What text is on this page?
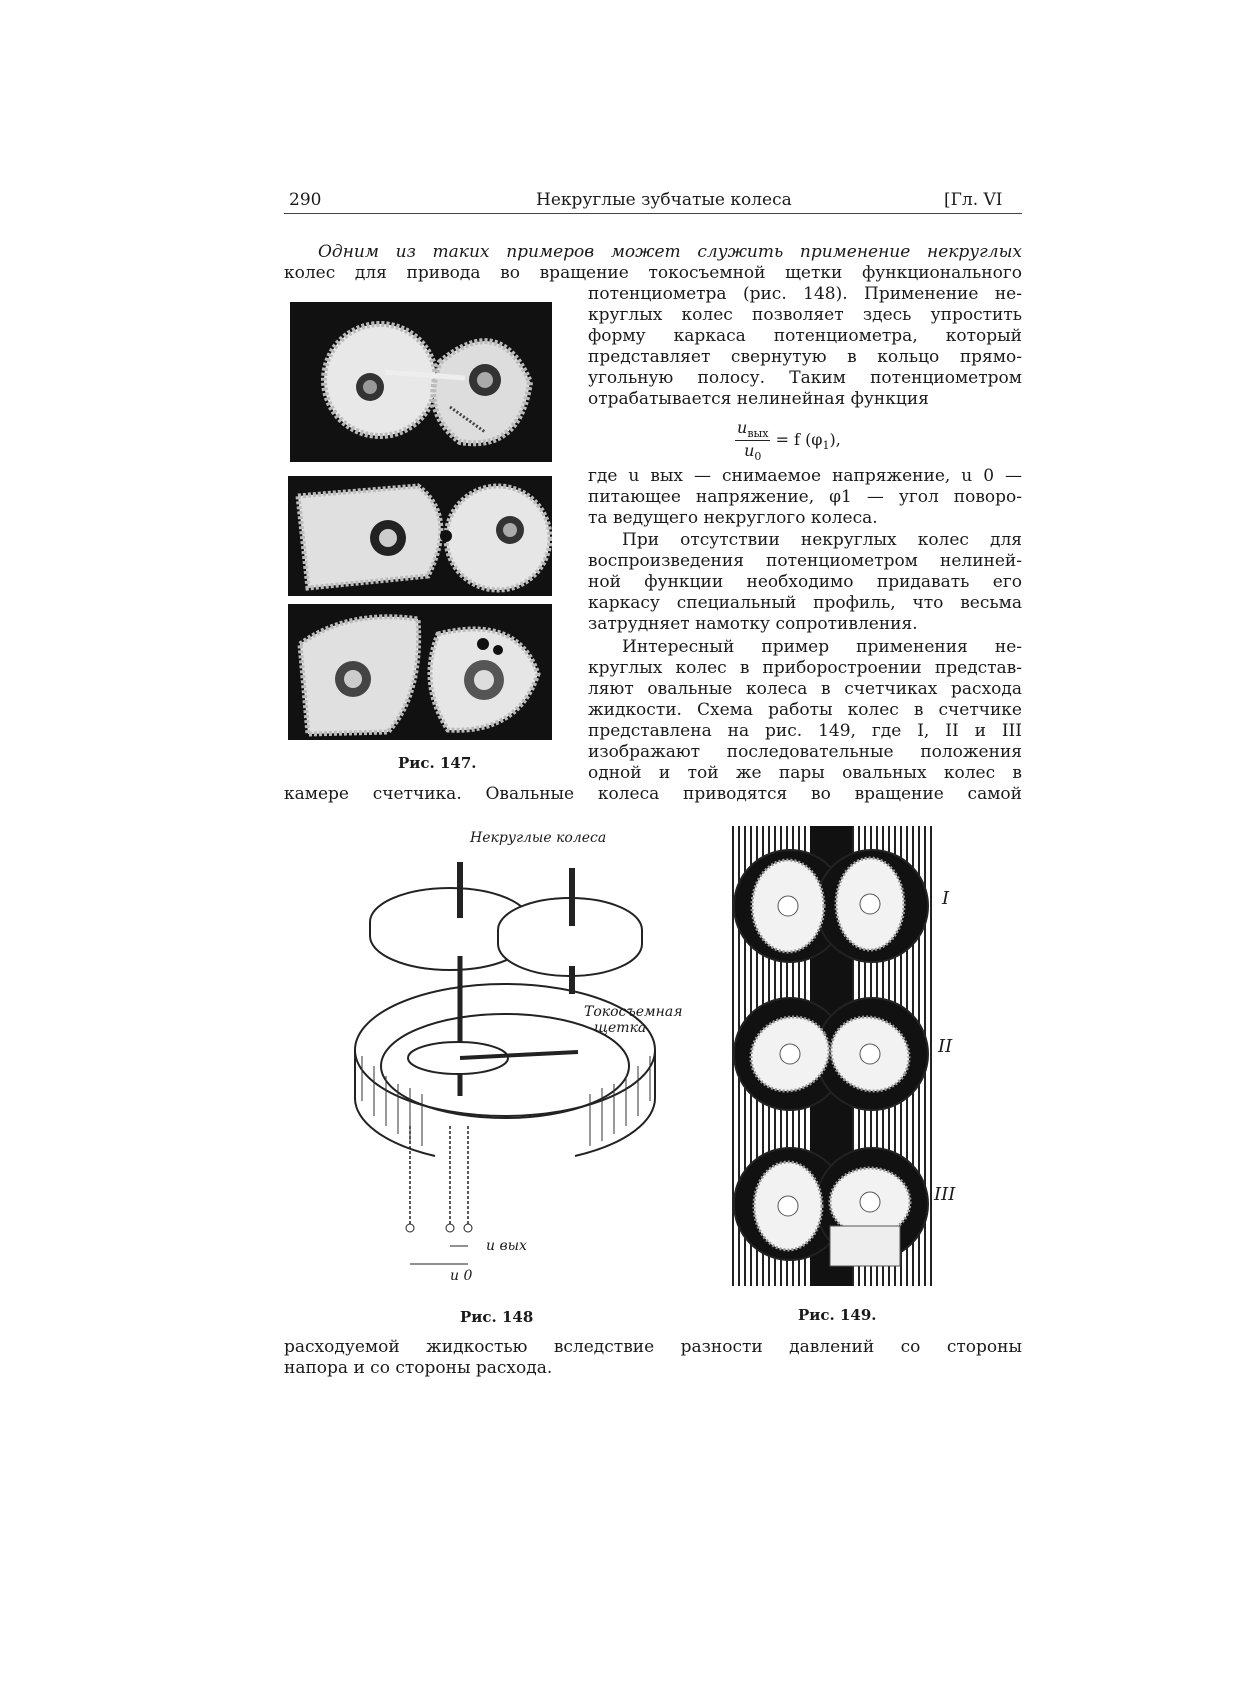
290	Некруглые зубчатые колеса	[Гл. VI
Одним из таких примеров может служить применение некруглых
колес для привода во вращение токосъемной щетки функционального
потенциометра (рис. 148). Применение не-
круглых колес позволяет здесь упростить
форму каркаса потенциометра, который
представляет свернутую в кольцо прямо-
угольную полосу. Таким потенциометром
отрабатывается нелинейная функция
$u_{вых}$
$u_0$
= f $(\varphi_1)$,
где u вых — снимаемое напряжение, u 0 —
питающее напряжение, φ1 — угол поворо-
та ведущего некруглого колеса.
При отсутствии некруглых колес для
воспроизведения потенциометром нелиней-
ной функции необходимо придавать его
каркасу специальный профиль, что весьма
затрудняет намотку сопротивления.
Интересный пример применения не-
круглых колес в приборостроении представ-
ляют овальные колеса в счетчиках расхода
жидкости. Схема работы колес в счетчике
представлена на рис. 149, где I, II и III
изображают последовательные положения
одной и той же пары овальных колес в
камере счетчика. Овальные колеса приводятся во вращение самой
Рис. 147.
Некруглые колеса
Токосъемная
щетка
u вых
u 0
Рис. 148
I
II
III
Рис. 149.
расходуемой жидкостью вследствие разности давлений со стороны
напора и со стороны расхода.
